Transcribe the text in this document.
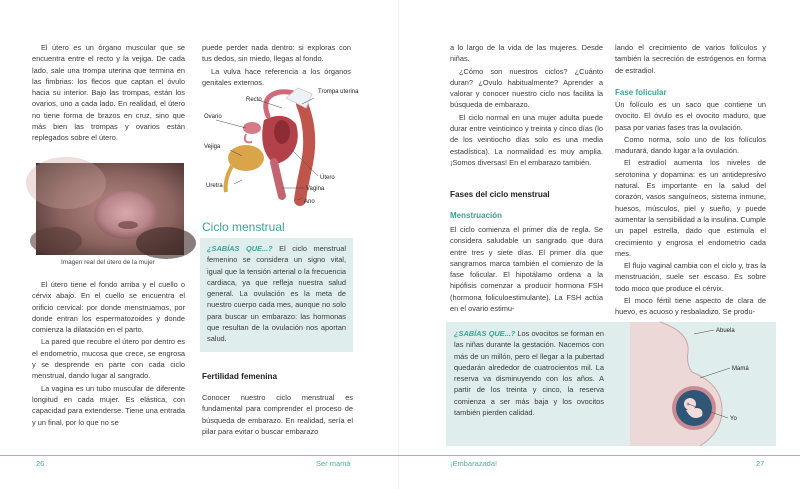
El útero es un órgano muscular que se encuentra entre el recto y la vejiga. De cada lado, sale una trompa uterina que termina en las fimbrias: los flecos que captan el óvulo hacia su interior. Bajo las trompas, están los ovarios, uno a cada lado. En realidad, el útero no tiene forma de brazos en cruz, sino que más bien las trompas y ovarios están replegados sobre el útero.

Imagen real del útero de la mujer

El útero tiene el fondo arriba y el cuello o cérvix abajo. En el cuello se encuentra el orificio cervical: por donde menstruamos, por donde entran los espermatozoides y donde comienza la dilatación en el parto.

La pared que recubre el útero por dentro es el endometrio, mucosa que crece, se engrosa y se desprende en parte con cada ciclo menstrual, dando lugar al sangrado.

La vagina es un tubo muscular de diferente longitud en cada mujer. Es elástica, con capacidad para extenderse. Tiene una entrada y un final, por lo que no se

puede perder nada dentro: si exploras con tus dedos, sin miedo, llegas al fondo.

La vulva hace referencia a los órganos genitales externos.

Recto
Trompa uterina
Ovario
Vejiga
Útero
Uretra	Vagina
Ano
Ciclo menstrual
¿SABÍAS QUE...? El ciclo menstrual femenino se considera un signo vital, igual que la tensión arterial o la frecuencia cardiaca, ya que refleja nuestra salud general. La ovulación es la meta de nuestro cuerpo cada mes, aunque no solo para buscar un embarazo: las hormonas que resultan de la ovulación nos aportan salud.
Fertilidad femenina

Conocer nuestro ciclo menstrual es fundamental para comprender el proceso de búsqueda de embarazo. En realidad, sería el pilar para evitar o buscar embarazo

26	Ser mamá

a lo largo de la vida de las mujeres. Desde niñas.

¿Cómo son nuestros ciclos? ¿Cuánto duran? ¿Ovulo habitualmente? Aprender a valorar y conocer nuestro ciclo nos facilita la búsqueda de embarazo.

El ciclo normal en una mujer adulta puede durar entre veinticinco y treinta y cinco días (lo de los veintiocho días solo es una media estadística). La normalidad es muy amplia. ¡Somos diversas! En el embarazo también.

Fases del ciclo menstrual
Menstruación

El ciclo comienza el primer día de regla. Se considera saludable un sangrado que dura entre tres y siete días. El primer día que sangramos marca también el comienzo de la fase folicular. El hipotálamo ordena a la hipófisis comenzar a producir hormona FSH (hormona foliculoestimulante). La FSH actúa en el ovario estimu-

lando el crecimiento de varios folículos y también la secreción de estrógenos en forma de estradiol.

Fase folicular

Un folículo es un saco que contiene un ovocito. El óvulo es el ovocito maduro, que pasa por varias fases tras la ovulación.

Como norma, solo uno de los folículos madurará, dando lugar a la ovulación.

El estradiol aumenta los niveles de serotonina y dopamina: es un antidepresivo natural. Es importante en la salud del corazón, vasos sanguíneos, sistema inmune, huesos, músculos, piel y sueño, y puede aumentar la sensibilidad a la insulina. Cumple un papel estrella, dado que estimula el crecimiento y engrosa el endometrio cada mes.

El flujo vaginal cambia con el ciclo y, tras la menstruación, suele ser escaso. Es sobre todo moco que produce el cérvix.

El moco fértil tiene aspecto de clara de huevo, es acuoso y resbaladizo. Se produ-

¿SABÍAS QUE...? Los ovocitos se forman en las niñas durante la gestación. Nacemos con más de un millón, pero el llegar a la pubertad quedarán alrededor de cuatrocientos mil. La reserva va disminuyendo con los años. A partir de los treinta y cinco, la reserva comienza a ser más baja y los ovocitos también pierden calidad.
Abuela
Mamá
Yo
¡Embarazada!	27
